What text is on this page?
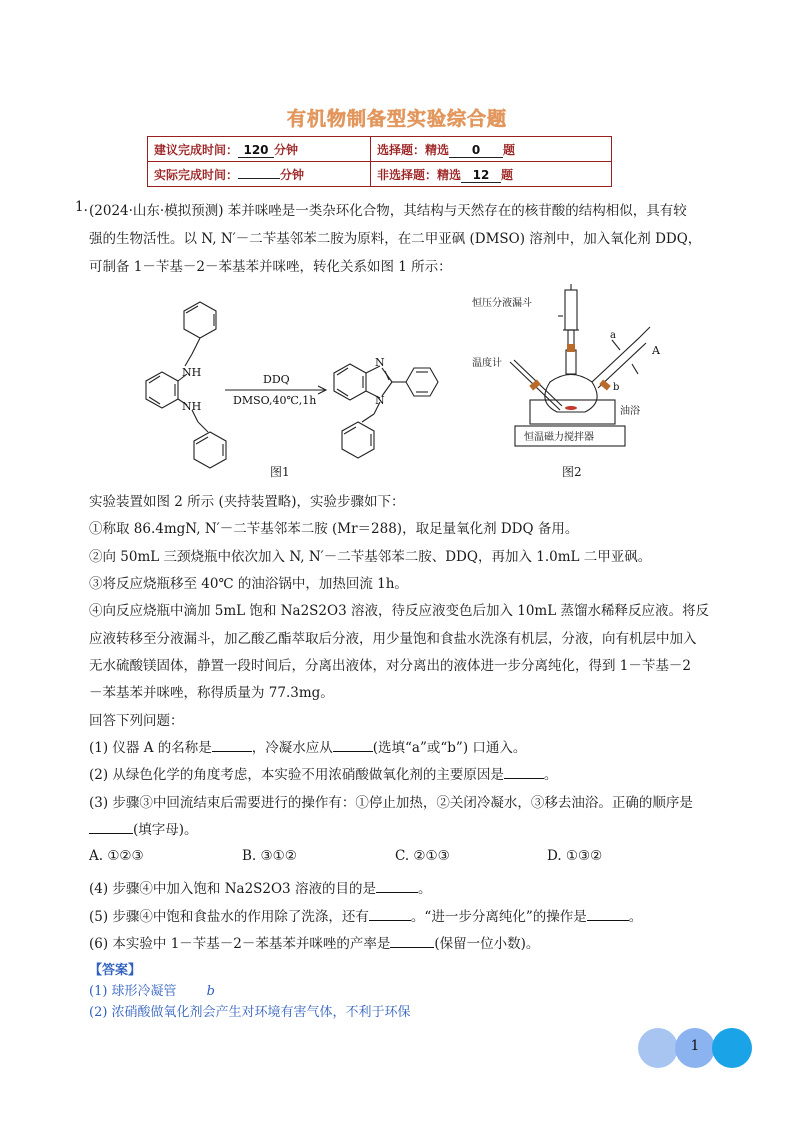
有机物制备型实验综合题
建议完成时间： 120 分钟	选择题：精选 0 题
实际完成时间： 分钟	非选择题：精选 12 题
1. (2024·山东·模拟预测) 苯并咪唑是一类杂环化合物，其结构与天然存在的核苷酸的结构相似，具有较
强的生物活性。以 N, N′－二苄基邻苯二胺为原料，在二甲亚砜 (DMSO) 溶剂中，加入氧化剂 DDQ，
可制备 1－苄基－2－苯基苯并咪唑，转化关系如图 1 所示：
NH
NH
DDQ
DMSO,40℃,1h
N
N
图1
恒压分液漏斗
温度计
油浴
恒温磁力搅拌器
a
b
A
图2
实验装置如图 2 所示 (夹持装置略)，实验步骤如下：
①称取 86.4mgN, N′－二苄基邻苯二胺 (Mr＝288)，取足量氧化剂 DDQ 备用。
②向 50mL 三颈烧瓶中依次加入 N, N′－二苄基邻苯二胺、DDQ，再加入 1.0mL 二甲亚砜。
③将反应烧瓶移至 40℃ 的油浴锅中，加热回流 1h。
④向反应烧瓶中滴加 5mL 饱和 Na2S2O3 溶液，待反应液变色后加入 10mL 蒸馏水稀释反应液。将反
应液转移至分液漏斗，加乙酸乙酯萃取后分液，用少量饱和食盐水洗涤有机层，分液，向有机层中加入
无水硫酸镁固体，静置一段时间后，分离出液体，对分离出的液体进一步分离纯化，得到 1－苄基－2
－苯基苯并咪唑，称得质量为 77.3mg。
回答下列问题：
(1) 仪器 A 的名称是	，冷凝水应从	(选填“a”或“b”) 口通入。
(2) 从绿色化学的角度考虑，本实验不用浓硝酸做氧化剂的主要原因是	。
(3) 步骤③中回流结束后需要进行的操作有：①停止加热，②关闭冷凝水，③移去油浴。正确的顺序是
(填字母)。
A. ①②③	B. ③①②	C. ②①③	D. ①③②
(4) 步骤④中加入饱和 Na2S2O3 溶液的目的是	。
(5) 步骤④中饱和食盐水的作用除了洗涤，还有	。“进一步分离纯化”的操作是	。
(6) 本实验中 1－苄基－2－苯基苯并咪唑的产率是	(保留一位小数)。
【答案】
(1) 球形冷凝管 b
(2) 浓硝酸做氧化剂会产生对环境有害气体，不利于环保
1
